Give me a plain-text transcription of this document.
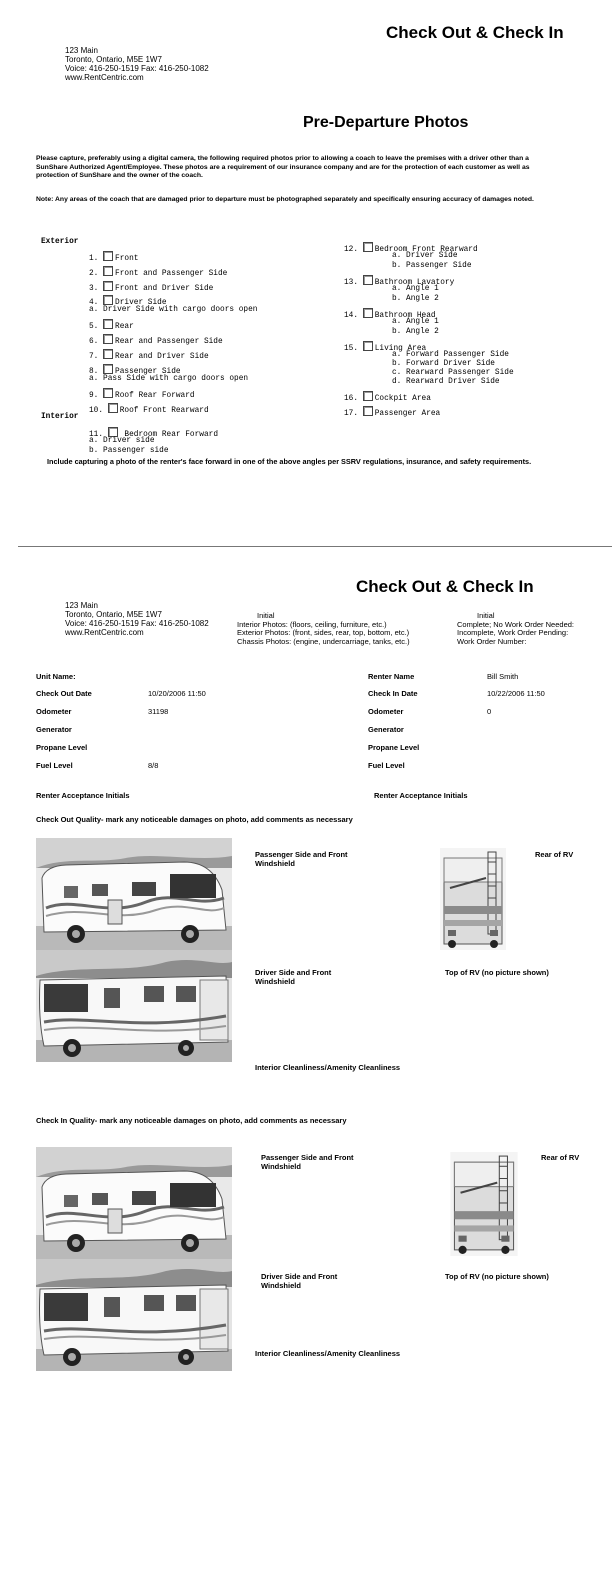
Check Out & Check In
123 Main
Toronto, Ontario, M5E 1W7
Voice: 416-250-1519 Fax: 416-250-1082
www.RentCentric.com
Pre-Departure Photos
Please capture, preferably using a digital camera, the following required photos prior to allowing a coach to leave the premises with a driver other than a
SunShare Authorized Agent/Employee. These photos are a requirement of our insurance company and are for the protection of each customer as well as
protection of SunShare and the owner of the coach.
Note: Any areas of the coach that are damaged prior to departure must be photographed separately and specifically ensuring accuracy of damages noted.
Exterior
1. Front
2. Front and Passenger Side
3. Front and Driver Side
4. Driver Side
a. Driver Side with cargo doors open
5. Rear
6. Rear and Passenger Side
7. Rear and Driver Side
8. Passenger Side
a. Pass Side with cargo doors open
9. Roof Rear Forward
10. Roof Front Rearward
Interior
11.	Bedroom Rear Forward
a. Driver side
b. Passenger side
12. Bedroom Front Rearward
a. Driver Side
b. Passenger Side
13. Bathroom Lavatory
a. Angle 1
b. Angle 2
14. Bathroom Head
a. Angle 1
b. Angle 2
15. Living Area
a. Forward Passenger Side
b. Forward Driver Side
c. Rearward Passenger Side
d. Rearward Driver Side
16. Cockpit Area
17. Passenger Area
Include capturing a photo of the renter's face forward in one of the above angles per SSRV regulations, insurance, and safety requirements.
Check Out & Check In
123 Main
Toronto, Ontario, M5E 1W7
Voice: 416-250-1519 Fax: 416-250-1082
www.RentCentric.com
Initial
Interior Photos: (floors, ceiling, furniture, etc.)
Exterior Photos: (front, sides, rear, top, bottom, etc.)
Chassis Photos: (engine, undercarriage, tanks, etc.)
Initial
Complete; No Work Order Needed:
Incomplete, Work Order Pending:
Work Order Number:
Unit Name:
Check Out Date	10/20/2006 11:50
Odometer	31198
Generator
Propane Level
Fuel Level	8/8
Renter Name	Bill Smith
Check In Date	10/22/2006 11:50
Odometer	0
Generator
Propane Level
Fuel Level
Renter Acceptance Initials	Renter Acceptance Initials
Check Out Quality- mark any noticeable damages on photo, add comments as necessary
Passenger Side and Front
Windshield
Rear of RV
Driver Side and Front
Windshield
Top of RV (no picture shown)
Interior Cleanliness/Amenity Cleanliness
Check In Quality- mark any noticeable damages on photo, add comments as necessary
Passenger Side and Front
Windshield
Rear of RV
Driver Side and Front
Windshield
Top of RV (no picture shown)
Interior Cleanliness/Amenity Cleanliness
